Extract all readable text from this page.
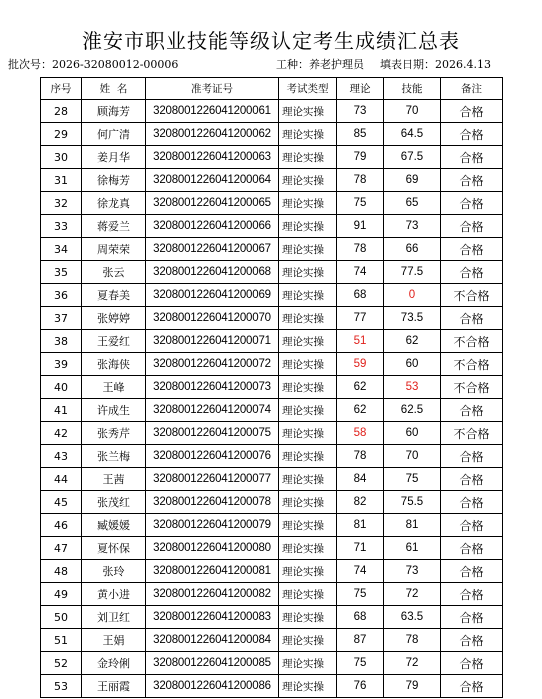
淮安市职业技能等级认定考生成绩汇总表
批次号：2026-32080012-00006	工种：养老护理员 填表日期：2026.4.13
序号	姓  名	准考证号	考试类型	理论	技能	备注
28	顾海芳	3208001226041200061	理论实操	73	70	合格
29	何广清	3208001226041200062	理论实操	85	64.5	合格
30	姜月华	3208001226041200063	理论实操	79	67.5	合格
31	徐梅芳	3208001226041200064	理论实操	78	69	合格
32	徐龙真	3208001226041200065	理论实操	75	65	合格
33	蒋爱兰	3208001226041200066	理论实操	91	73	合格
34	周荣荣	3208001226041200067	理论实操	78	66	合格
35	张云	3208001226041200068	理论实操	74	77.5	合格
36	夏春美	3208001226041200069	理论实操	68	0	不合格
37	张婷婷	3208001226041200070	理论实操	77	73.5	合格
38	王爱红	3208001226041200071	理论实操	51	62	不合格
39	张海侠	3208001226041200072	理论实操	59	60	不合格
40	王峰	3208001226041200073	理论实操	62	53	不合格
41	许成生	3208001226041200074	理论实操	62	62.5	合格
42	张秀芹	3208001226041200075	理论实操	58	60	不合格
43	张兰梅	3208001226041200076	理论实操	78	70	合格
44	王茜	3208001226041200077	理论实操	84	75	合格
45	张茂红	3208001226041200078	理论实操	82	75.5	合格
46	臧媛媛	3208001226041200079	理论实操	81	81	合格
47	夏怀保	3208001226041200080	理论实操	71	61	合格
48	张玲	3208001226041200081	理论实操	74	73	合格
49	黄小进	3208001226041200082	理论实操	75	72	合格
50	刘卫红	3208001226041200083	理论实操	68	63.5	合格
51	王娟	3208001226041200084	理论实操	87	78	合格
52	金玲俐	3208001226041200085	理论实操	75	72	合格
53	王丽霞	3208001226041200086	理论实操	76	79	合格
